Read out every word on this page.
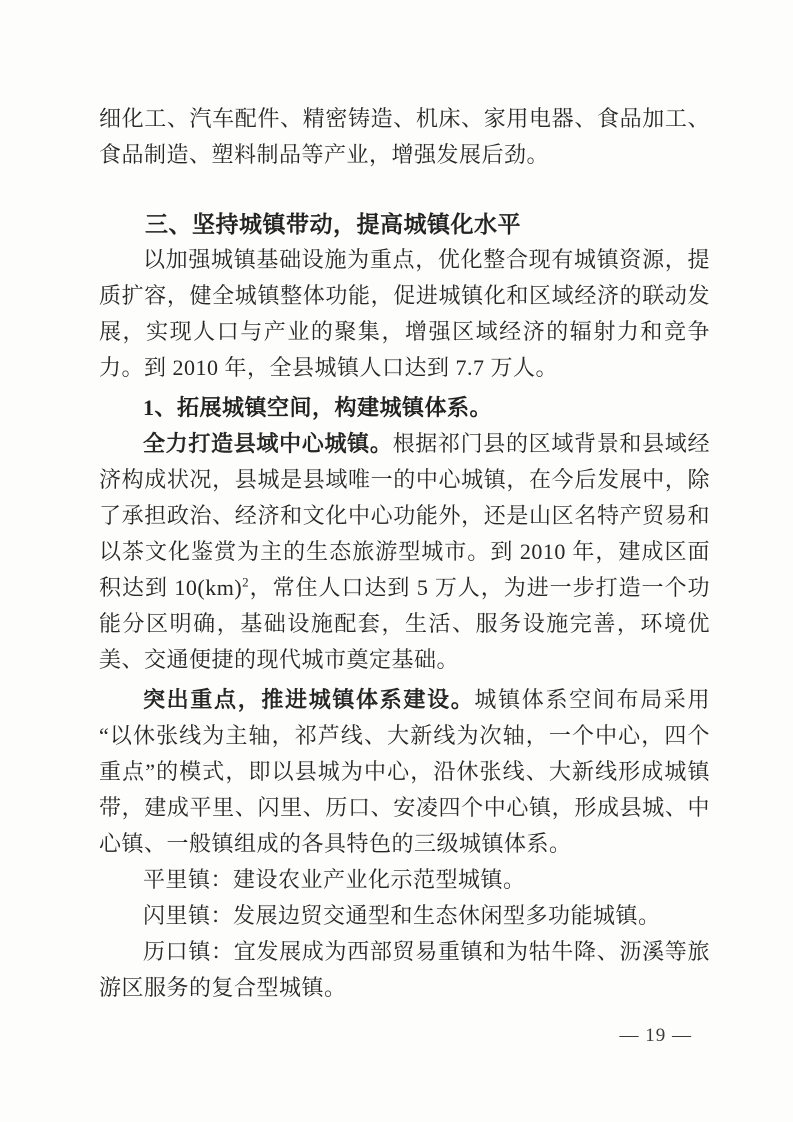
细化工、汽车配件、精密铸造、机床、家用电器、食品加工、食品制造、塑料制品等产业，增强发展后劲。

三、坚持城镇带动，提高城镇化水平

以加强城镇基础设施为重点，优化整合现有城镇资源，提质扩容，健全城镇整体功能，促进城镇化和区域经济的联动发展，实现人口与产业的聚集，增强区域经济的辐射力和竞争力。到 2010 年，全县城镇人口达到 7.7 万人。

1、拓展城镇空间，构建城镇体系。

全力打造县域中心城镇。根据祁门县的区域背景和县域经济构成状况，县城是县域唯一的中心城镇，在今后发展中，除了承担政治、经济和文化中心功能外，还是山区名特产贸易和以茶文化鉴赏为主的生态旅游型城市。到 2010 年，建成区面积达到 10(km)$^2$，常住人口达到 5 万人，为进一步打造一个功能分区明确，基础设施配套，生活、服务设施完善，环境优美、交通便捷的现代城市奠定基础。

突出重点，推进城镇体系建设。城镇体系空间布局采用“以休张线为主轴，祁芦线、大新线为次轴，一个中心，四个重点”的模式，即以县城为中心，沿休张线、大新线形成城镇带，建成平里、闪里、历口、安凌四个中心镇，形成县城、中心镇、一般镇组成的各具特色的三级城镇体系。

平里镇：建设农业产业化示范型城镇。

闪里镇：发展边贸交通型和生态休闲型多功能城镇。

历口镇：宜发展成为西部贸易重镇和为牯牛降、沥溪等旅游区服务的复合型城镇。

— 19 —
